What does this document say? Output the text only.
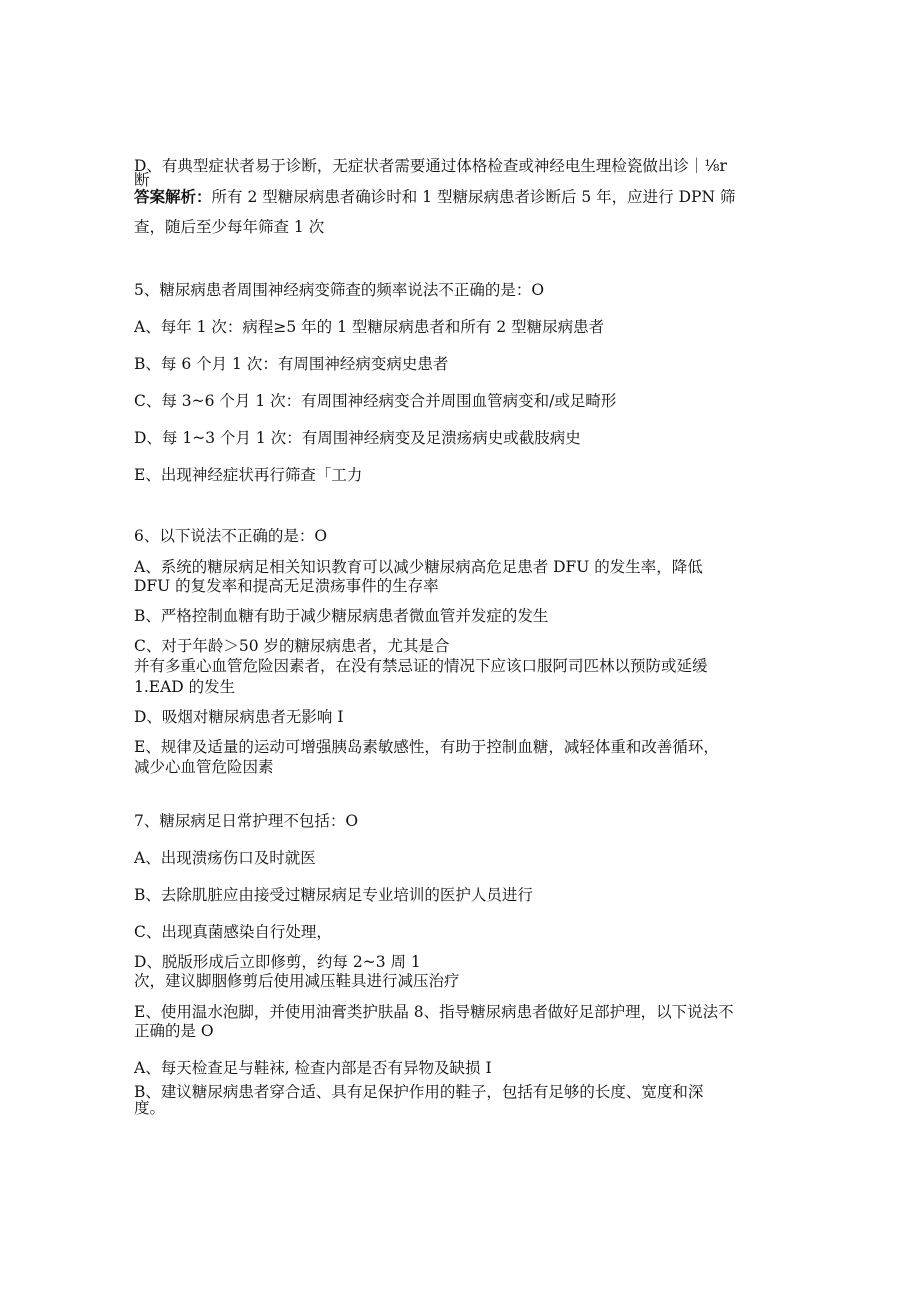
D、有典型症状者易于诊断，无症状者需要通过体格检查或神经电生理检瓷做出诊｜⅛r
断
答案解析：所有 2 型糖尿病患者确诊时和 1 型糖尿病患者诊断后 5 年，应进行 DPN 筛
查，随后至少每年筛查 1 次
5、糖尿病患者周围神经病变筛查的频率说法不正确的是：O
A、每年 1 次：病程≥5 年的 1 型糖尿病患者和所有 2 型糖尿病患者
B、每 6 个月 1 次：有周围神经病变病史患者
C、每 3~6 个月 1 次：有周围神经病变合并周围血管病变和/或足畸形
D、每 1~3 个月 1 次：有周围神经病变及足溃疡病史或截肢病史
E、出现神经症状再行筛查「工力
6、以下说法不正确的是：O
A、系统的糖尿病足相关知识教育可以减少糖尿病高危足患者 DFU 的发生率，降低
DFU 的复发率和提高无足溃疡事件的生存率
B、严格控制血糖有助于减少糖尿病患者微血管并发症的发生
C、对于年龄＞50 岁的糖尿病患者，尤其是合
并有多重心血管危险因素者，在没有禁忌证的情况下应该口服阿司匹林以预防或延缓
1.EAD 的发生
D、吸烟对糖尿病患者无影响 I
E、规律及适量的运动可增强胰岛素敏感性，有助于控制血糖，减轻体重和改善循环，
减少心血管危险因素
7、糖尿病足日常护理不包括：O
A、出现溃疡伤口及时就医
B、去除肌脏应由接受过糖尿病足专业培训的医护人员进行
C、出现真菌感染自行处理，
D、脱版形成后立即修剪，约每 2~3 周 1
次，建议脚胭修剪后使用减压鞋具进行减压治疗
E、使用温水泡脚，并使用油膏类护肤晶 8、指导糖尿病患者做好足部护理，以下说法不
正确的是 O
A、每天检查足与鞋袜, 检查内部是否有异物及缺损 I
B、建议糖尿病患者穿合适、具有足保护作用的鞋子，包括有足够的长度、宽度和深
度。
